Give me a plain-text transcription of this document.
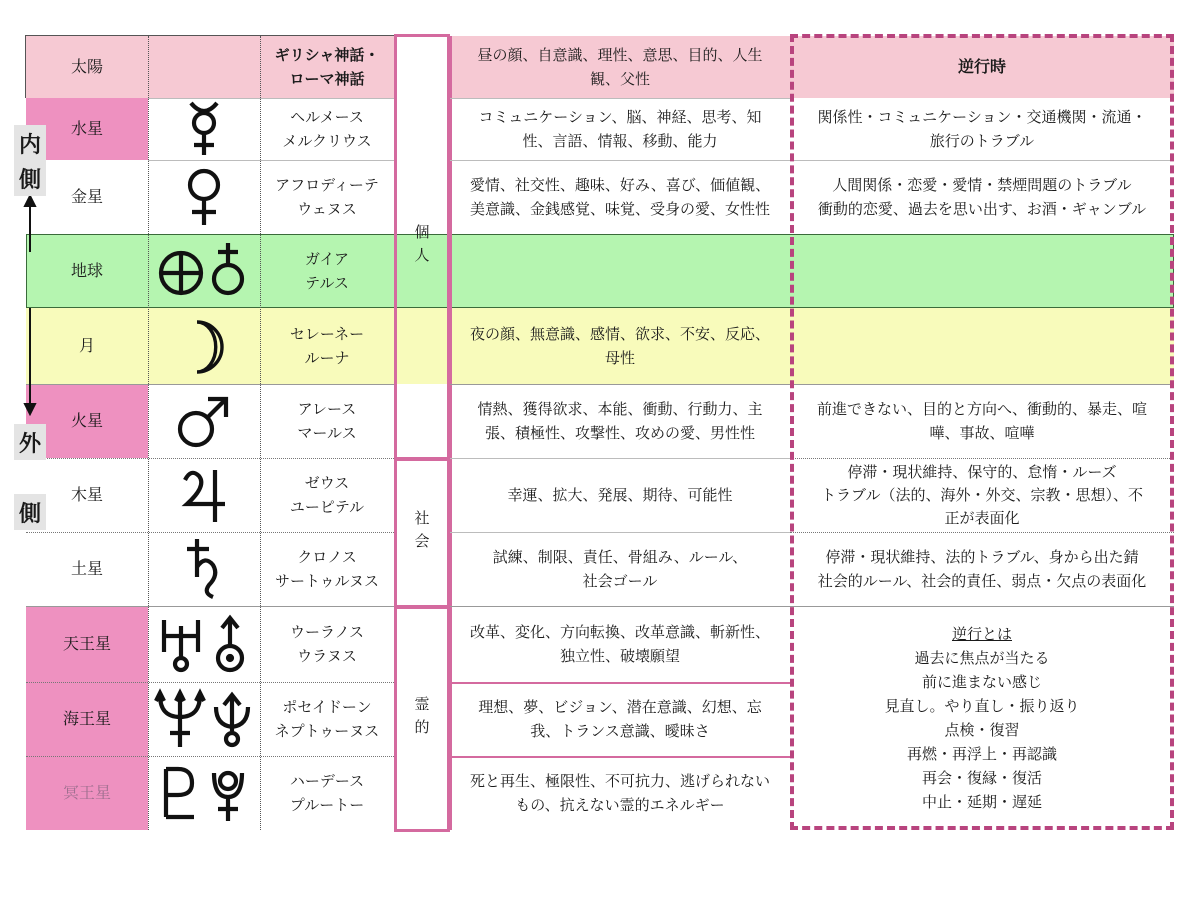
太陽
ギリシャ神話・
ローマ神話
昼の顔、自意識、理性、意思、目的、人生
観、父性
逆行時
水星
金星
地球
月
火星
木星
土星
天王星
海王星
冥王星
ヘルメース
メルクリウス
アフロディーテ
ウェヌス
ガイア
テルス
セレーネー
ルーナ
アレース
マールス
ゼウス
ユーピテル
クロノス
サートゥルヌス
ウーラノス
ウラヌス
ポセイドーン
ネプトゥーヌス
ハーデース
プルートー
個人
社会
霊的
コミュニケーション、脳、神経、思考、知
性、言語、情報、移動、能力
愛情、社交性、趣味、好み、喜び、価値観、
美意識、金銭感覚、味覚、受身の愛、女性性
夜の顔、無意識、感情、欲求、不安、反応、
母性
情熱、獲得欲求、本能、衝動、行動力、主
張、積極性、攻撃性、攻めの愛、男性性
幸運、拡大、発展、期待、可能性
試練、制限、責任、骨組み、ルール、
社会ゴール
改革、変化、方向転換、改革意識、斬新性、
独立性、破壊願望
理想、夢、ビジョン、潜在意識、幻想、忘
我、トランス意識、曖昧さ
死と再生、極限性、不可抗力、逃げられない
もの、抗えない霊的エネルギー
関係性・コミュニケーション・交通機関・流通・
旅行のトラブル
人間関係・恋愛・愛情・禁煙問題のトラブル
衝動的恋愛、過去を思い出す、お酒・ギャンブル
前進できない、目的と方向へ、衝動的、暴走、喧
嘩、事故、喧嘩
停滞・現状維持、保守的、怠惰・ルーズ
トラブル（法的、海外・外交、宗教・思想）、不
正が表面化
停滞・現状維持、法的トラブル、身から出た錆
社会的ルール、社会的責任、弱点・欠点の表面化
逆行とは
過去に焦点が当たる
前に進まない感じ
見直し。やり直し・振り返り
点検・復習
再燃・再浮上・再認識
再会・復縁・復活
中止・延期・遅延
内
側
外
側
